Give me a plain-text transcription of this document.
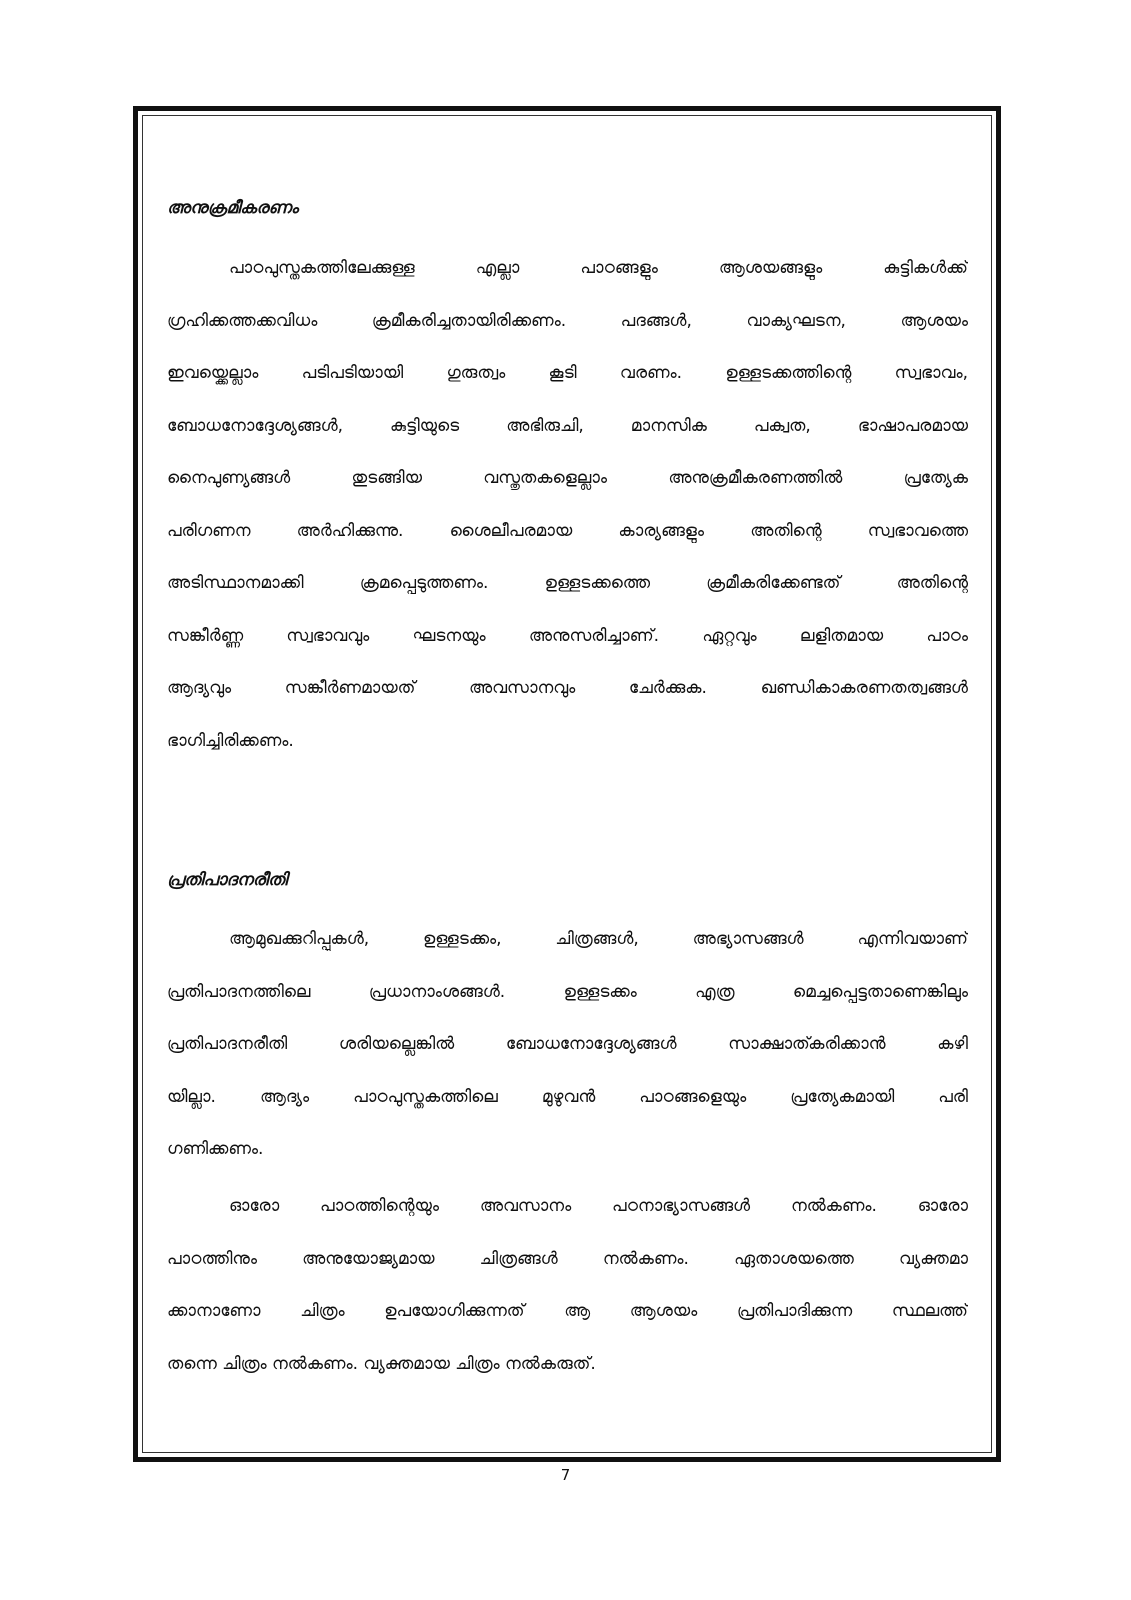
അനുക്രമീകരണം
പാഠപുസ്തകത്തിലേക്കുള്ള എല്ലാ പാഠങ്ങളും ആശയങ്ങളും കുട്ടികൾക്ക്
ഗ്രഹിക്കത്തക്കവിധം ക്രമീകരിച്ചതായിരിക്കണം. പദങ്ങൾ, വാക്യഘടന, ആശയം
ഇവയ്ക്കെല്ലാം പടിപടിയായി ഗുരുത്വം കൂടി വരണം. ഉള്ളടക്കത്തിന്റെ സ്വഭാവം,
ബോധനോദ്ദേശ്യങ്ങൾ, കുട്ടിയുടെ അഭിരുചി, മാനസിക പക്വത, ഭാഷാപരമായ
നൈപുണ്യങ്ങൾ തുടങ്ങിയ വസ്തുതകളെല്ലാം അനുക്രമീകരണത്തിൽ പ്രത്യേക
പരിഗണന അർഹിക്കുന്നു. ശൈലീപരമായ കാര്യങ്ങളും അതിന്റെ സ്വഭാവത്തെ
അടിസ്ഥാനമാക്കി ക്രമപ്പെടുത്തണം. ഉള്ളടക്കത്തെ ക്രമീകരിക്കേണ്ടത് അതിന്റെ
സങ്കീർണ്ണ സ്വഭാവവും ഘടനയും അനുസരിച്ചാണ്. ഏറ്റവും ലളിതമായ പാഠം
ആദ്യവും സങ്കീർണമായത് അവസാനവും ചേർക്കുക. ഖണ്ഡികാകരണതത്വങ്ങൾ
ഭാഗിച്ചിരിക്കണം.
പ്രതിപാദനരീതി
ആമുഖക്കുറിപ്പുകൾ, ഉള്ളടക്കം, ചിത്രങ്ങൾ, അഭ്യാസങ്ങൾ എന്നിവയാണ്
പ്രതിപാദനത്തിലെ പ്രധാനാംശങ്ങൾ. ഉള്ളടക്കം എത്ര മെച്ചപ്പെട്ടതാണെങ്കിലും
പ്രതിപാദനരീതി ശരിയല്ലെങ്കിൽ ബോധനോദ്ദേശ്യങ്ങൾ സാക്ഷാത്കരിക്കാൻ കഴി
യില്ലാ. ആദ്യം പാഠപുസ്തകത്തിലെ മുഴുവൻ പാഠങ്ങളെയും പ്രത്യേകമായി പരി
ഗണിക്കണം.
ഓരോ പാഠത്തിന്റെയും അവസാനം പഠനാഭ്യാസങ്ങൾ നൽകണം. ഓരോ
പാഠത്തിനും അനുയോജ്യമായ ചിത്രങ്ങൾ നൽകണം. ഏതാശയത്തെ വ്യക്തമാ
ക്കാനാണോ ചിത്രം ഉപയോഗിക്കുന്നത് ആ ആശയം പ്രതിപാദിക്കുന്ന സ്ഥലത്ത്
തന്നെ ചിത്രം നൽകണം. വ്യക്തമായ ചിത്രം നൽകരുത്.
7
